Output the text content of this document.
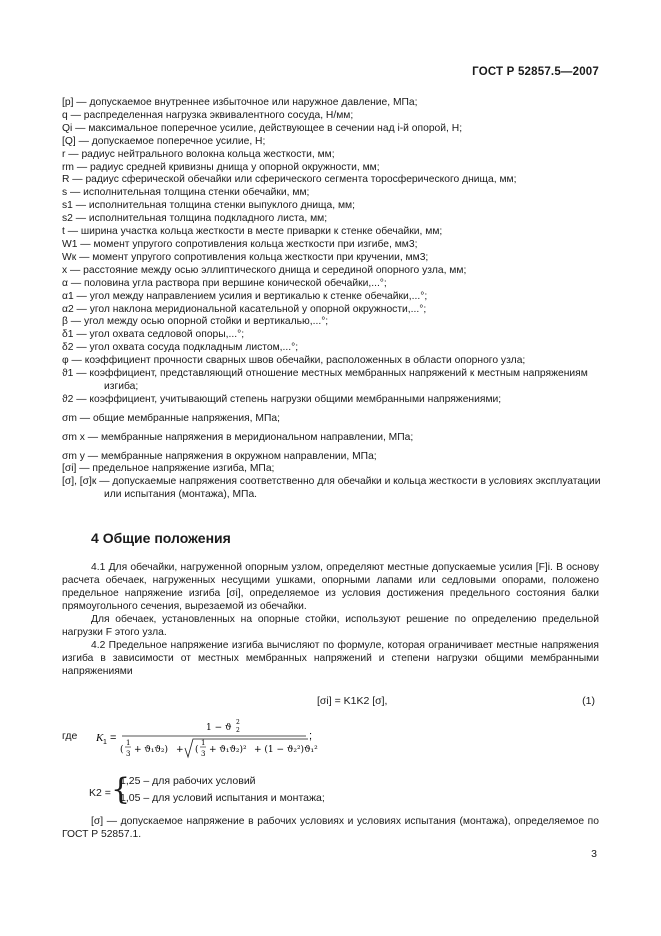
ГОСТ Р 52857.5—2007

[p] — допускаемое внутреннее избыточное или наружное давление, МПа;

q — распределенная нагрузка эквивалентного сосуда, Н/мм;

Qi — максимальное поперечное усилие, действующее в сечении над i-й опорой, Н;

[Q] — допускаемое поперечное усилие, Н;

r — радиус нейтрального волокна кольца жесткости, мм;

rm — радиус средней кривизны днища у опорной окружности, мм;

R — радиус сферической обечайки или сферического сегмента торосферического днища, мм;

s — исполнительная толщина стенки обечайки, мм;

s1 — исполнительная толщина стенки выпуклого днища, мм;

s2 — исполнительная толщина подкладного листа, мм;

t — ширина участка кольца жесткости в месте приварки к стенке обечайки, мм;

W1 — момент упругого сопротивления кольца жесткости при изгибе, мм3;

Wк — момент упругого сопротивления кольца жесткости при кручении, мм3;

x — расстояние между осью эллиптического днища и серединой опорного узла, мм;

α — половина угла раствора при вершине конической обечайки,...°;

α1 — угол между направлением усилия и вертикалью к стенке обечайки,...°;

α2 — угол наклона меридиональной касательной у опорной окружности,...°;

β — угол между осью опорной стойки и вертикалью,...°;

δ1 — угол охвата седловой опоры,...°;

δ2 — угол охвата сосуда подкладным листом,...°;

φ — коэффициент прочности сварных швов обечайки, расположенных в области опорного узла;

ϑ1 — коэффициент, представляющий отношение местных мембранных напряжений к местным напряжениям изгиба;

ϑ2 — коэффициент, учитывающий степень нагрузки общими мембранными напряжениями;

σm — общие мембранные напряжения, МПа;

σm x — мембранные напряжения в меридиональном направлении, МПа;

σm y — мембранные напряжения в окружном направлении, МПа;

[σi] — предельное напряжение изгиба, МПа;

[σ], [σ]к — допускаемые напряжения соответственно для обечайки и кольца жесткости в условиях эксплуатации или испытания (монтажа), МПа.

4 Общие положения

4.1 Для обечайки, нагруженной опорным узлом, определяют местные допускаемые усилия [F]i. В основу расчета обечаек, нагруженных несущими ушками, опорными лапами или седловыми опорами, положено предельное напряжение изгиба [σi], определяемое из условия достижения предельного состояния балки прямоугольного сечения, вырезаемой из обечайки.

Для обечаек, установленных на опорные стойки, используют решение по определению предельной нагрузки F этого узла.

4.2 Предельное напряжение изгиба вычисляют по формуле, которая ограничивает местные напряжения изгиба в зависимости от местных мембранных напряжений и степени нагрузки общими мембранными напряжениями

[σi] = K1K2 [σ],	(1)
где K 1 =
1 − ϑ 2
2
(
1
3 + ϑ₁ϑ₂) + (
1
3 + ϑ₁ϑ₂)² + (1 − ϑ₂²)ϑ₁²
;
K2 = {
1,25 – для рабочих условий
1,05 – для условий испытания и монтажа;

[σ] — допускаемое напряжение в рабочих условиях и условиях испытания (монтажа), определяемое по ГОСТ Р 52857.1.

3
